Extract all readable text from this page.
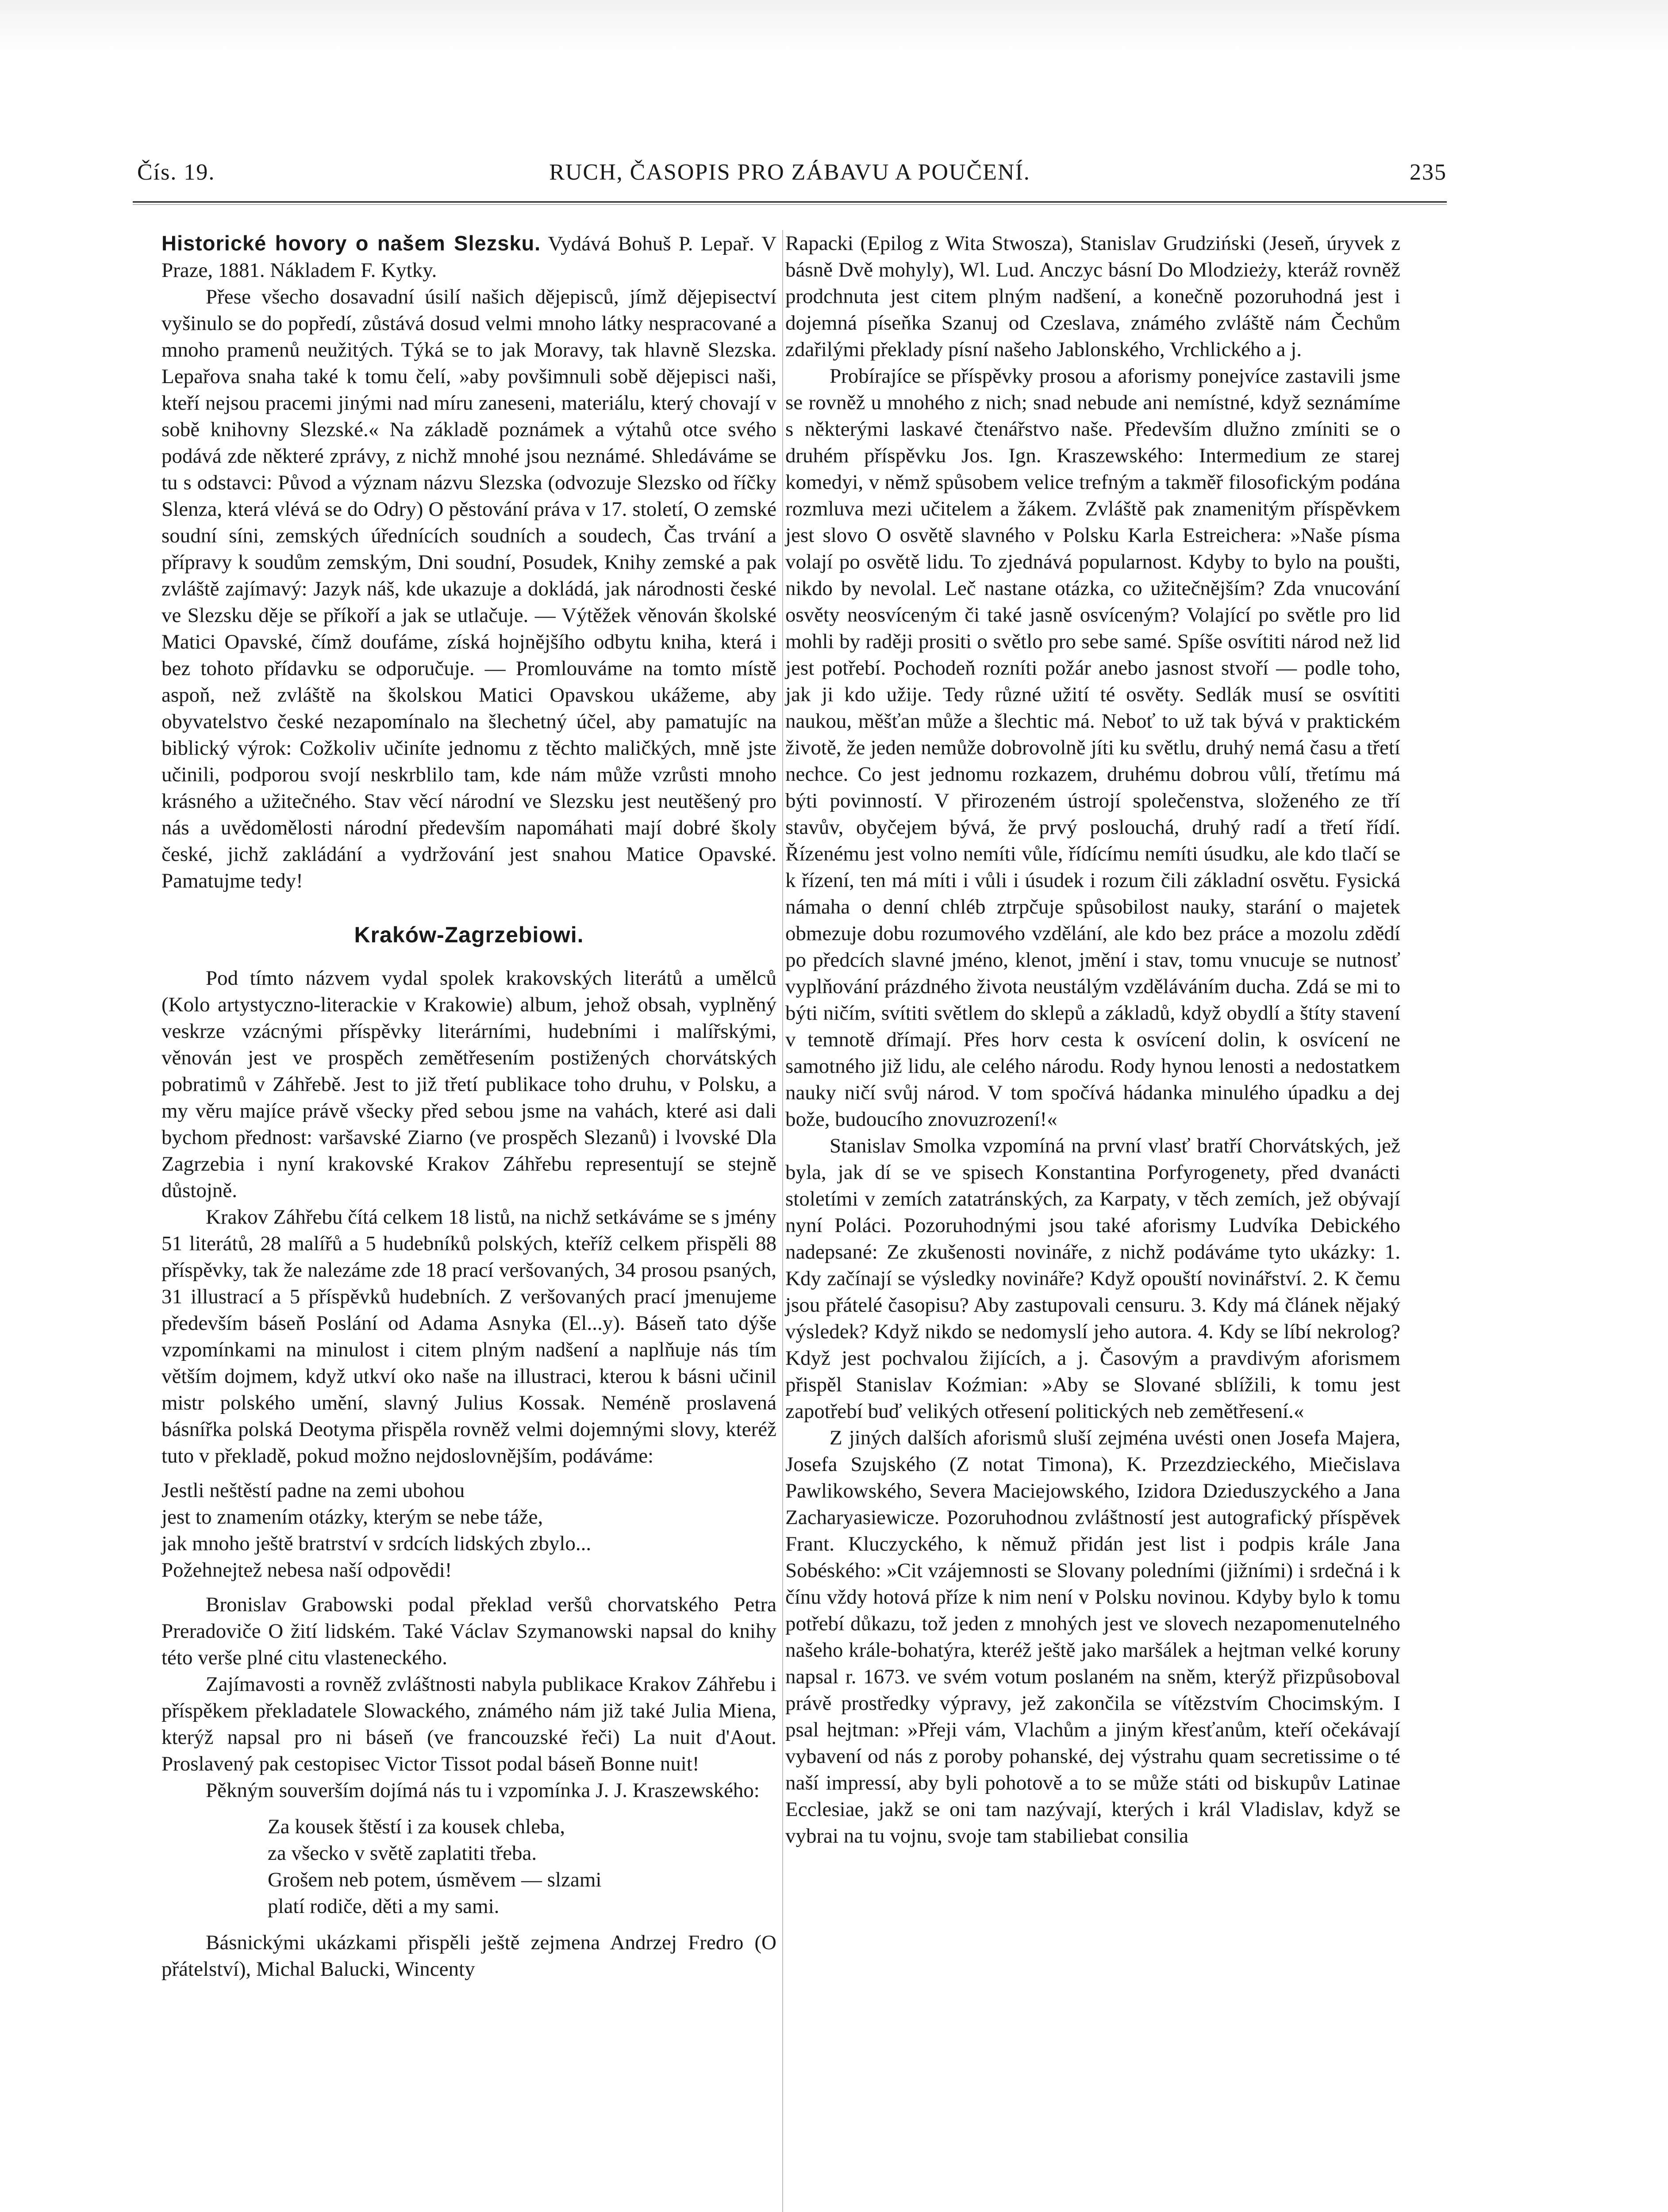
Čís. 19.	RUCH, ČASOPIS PRO ZÁBAVU A POUČENÍ.	235

Historické hovory o našem Slezsku. Vydává Bohuš P. Lepař. V Praze, 1881. Nákladem F. Kytky.

Přese všecho dosavadní úsilí našich dějepisců, jímž dějepisectví vyšinulo se do popředí, zůstává dosud velmi mnoho látky nespracované a mnoho pramenů neužitých. Týká se to jak Moravy, tak hlavně Slezska. Lepařova snaha také k tomu čelí, »aby povšimnuli sobě dějepisci naši, kteří nejsou pracemi jinými nad míru zaneseni, materiálu, který chovají v sobě knihovny Slezské.« Na základě poznámek a výtahů otce svého podává zde některé zprávy, z nichž mnohé jsou neznámé. Shledáváme se tu s odstavci: Původ a význam názvu Slezska (odvozuje Slezsko od říčky Slenza, která vlévá se do Odry) O pěstování práva v 17. století, O zemské soudní síni, zemských úřednících soudních a soudech, Čas trvání a přípravy k soudům zemským, Dni soudní, Posudek, Knihy zemské a pak zvláště zajímavý: Jazyk náš, kde ukazuje a dokládá, jak národnosti české ve Slezsku děje se příkoří a jak se utlačuje. — Výtěžek věnován školské Matici Opavské, čímž doufáme, získá hojnějšího odbytu kniha, která i bez tohoto přídavku se odporučuje. — Promlouváme na tomto místě aspoň, než zvláště na školskou Matici Opavskou ukážeme, aby obyvatelstvo české nezapomínalo na šlechetný účel, aby pamatujíc na biblický výrok: Cožkoliv učiníte jednomu z těchto maličkých, mně jste učinili, podporou svojí neskrblilo tam, kde nám může vzrůsti mnoho krásného a užitečného. Stav věcí národní ve Slezsku jest neutěšený pro nás a uvědomělosti národní především napomáhati mají dobré školy české, jichž zakládání a vydržování jest snahou Matice Opavské. Pamatujme tedy!

Kraków-Zagrzebiowi.

Pod tímto názvem vydal spolek krakovských literátů a umělců (Kolo artystyczno-literackie v Krakowie) album, jehož obsah, vyplněný veskrze vzácnými příspěvky literárními, hudebními i malířskými, věnován jest ve prospěch zemětřesením postižených chorvátských pobratimů v Záhřebě. Jest to již třetí publikace toho druhu, v Polsku, a my věru majíce právě všecky před sebou jsme na vahách, které asi dali bychom přednost: varšavské Ziarno (ve prospěch Slezanů) i lvovské Dla Zagrzebia i nyní krakovské Krakov Záhřebu representují se stejně důstojně.

Krakov Záhřebu čítá celkem 18 listů, na nichž setkáváme se s jmény 51 literátů, 28 malířů a 5 hudebníků polských, kteříž celkem přispěli 88 příspěvky, tak že nalezáme zde 18 prací veršovaných, 34 prosou psaných, 31 illustrací a 5 příspěvků hudebních. Z veršovaných prací jmenujeme především báseň Poslání od Adama Asnyka (El...y). Báseň tato dýše vzpomínkami na minulost i citem plným nadšení a naplňuje nás tím větším dojmem, když utkví oko naše na illustraci, kterou k básni učinil mistr polského umění, slavný Julius Kossak. Neméně proslavená básnířka polská Deotyma přispěla rovněž velmi dojemnými slovy, kteréž tuto v překladě, pokud možno nejdoslovnějším, podáváme:

Jestli neštěstí padne na zemi ubohou
jest to znamením otázky, kterým se nebe táže,
jak mnoho ještě bratrství v srdcích lidských zbylo...
Požehnejtež nebesa naší odpovědi!

Bronislav Grabowski podal překlad veršů chorvatského Petra Preradoviče O žití lidském. Také Václav Szymanowski napsal do knihy této verše plné citu vlasteneckého.

Zajímavosti a rovněž zvláštnosti nabyla publikace Krakov Záhřebu i příspěkem překladatele Slowackého, známého nám již také Julia Miena, kterýž napsal pro ni báseň (ve francouzské řeči) La nuit d'Aout. Proslavený pak cestopisec Victor Tissot podal báseň Bonne nuit!

Pěkným souverším dojímá nás tu i vzpomínka J. J. Kraszewského:

Za kousek štěstí i za kousek chleba,
za všecko v světě zaplatiti třeba.
Grošem neb potem, úsměvem — slzami
platí rodiče, děti a my sami.

Básnickými ukázkami přispěli ještě zejmena Andrzej Fredro (O přátelství), Michal Balucki, Wincenty

Rapacki (Epilog z Wita Stwosza), Stanislav Grudziński (Jeseň, úryvek z básně Dvě mohyly), Wl. Lud. Anczyc básní Do Mlodzieży, kteráž rovněž prodchnuta jest citem plným nadšení, a konečně pozoruhodná jest i dojemná píseňka Szanuj od Czeslava, známého zvláště nám Čechům zdařilými překlady písní našeho Jablonského, Vrchlického a j.

Probírajíce se příspěvky prosou a aforismy ponejvíce zastavili jsme se rovněž u mnohého z nich; snad nebude ani nemístné, když seznámíme s některými laskavé čtenářstvo naše. Především dlužno zmíniti se o druhém příspěvku Jos. Ign. Kraszewského: Intermedium ze starej komedyi, v němž spůsobem velice trefným a takměř filosofickým podána rozmluva mezi učitelem a žákem. Zvláště pak znamenitým příspěvkem jest slovo O osvětě slavného v Polsku Karla Estreichera: »Naše písma volají po osvětě lidu. To zjednává popularnost. Kdyby to bylo na poušti, nikdo by nevolal. Leč nastane otázka, co užitečnějším? Zda vnucování osvěty neosvíceným či také jasně osvíceným? Volající po světle pro lid mohli by raději prositi o světlo pro sebe samé. Spíše osvítiti národ než lid jest potřebí. Pochodeň rozníti požár anebo jasnost stvoří — podle toho, jak ji kdo užije. Tedy různé užití té osvěty. Sedlák musí se osvítiti naukou, měšťan může a šlechtic má. Neboť to už tak bývá v praktickém životě, že jeden nemůže dobrovolně jíti ku světlu, druhý nemá času a třetí nechce. Co jest jednomu rozkazem, druhému dobrou vůlí, třetímu má býti povinností. V přirozeném ústrojí společenstva, složeného ze tří stavův, obyčejem bývá, že prvý poslouchá, druhý radí a třetí řídí. Řízenému jest volno nemíti vůle, řídícímu nemíti úsudku, ale kdo tlačí se k řízení, ten má míti i vůli i úsudek i rozum čili základní osvětu. Fysická námaha o denní chléb ztrpčuje spůsobilost nauky, starání o majetek obmezuje dobu rozumového vzdělání, ale kdo bez práce a mozolu zdědí po předcích slavné jméno, klenot, jmění i stav, tomu vnucuje se nutnosť vyplňování prázdného života neustálým vzděláváním ducha. Zdá se mi to býti ničím, svítiti světlem do sklepů a základů, když obydlí a štíty stavení v temnotě dřímají. Přes horv cesta k osvícení dolin, k osvícení ne samotného již lidu, ale celého národu. Rody hynou lenosti a nedostatkem nauky ničí svůj národ. V tom spočívá hádanka minulého úpadku a dej bože, budoucího znovuzrození!«

Stanislav Smolka vzpomíná na první vlasť bratří Chorvátských, jež byla, jak dí se ve spisech Konstantina Porfyrogenety, před dvanácti stoletími v zemích zatatránských, za Karpaty, v těch zemích, jež obývají nyní Poláci. Pozoruhodnými jsou také aforismy Ludvíka Debického nadepsané: Ze zkušenosti novináře, z nichž podáváme tyto ukázky: 1. Kdy začínají se výsledky novináře? Když opouští novinářství. 2. K čemu jsou přátelé časopisu? Aby zastupovali censuru. 3. Kdy má článek nějaký výsledek? Když nikdo se nedomyslí jeho autora. 4. Kdy se líbí nekrolog? Když jest pochvalou žijících, a j. Časovým a pravdivým aforismem přispěl Stanislav Koźmian: »Aby se Slované sblížili, k tomu jest zapotřebí buď velikých otřesení politických neb zemětřesení.«

Z jiných dalších aforismů sluší zejména uvésti onen Josefa Majera, Josefa Szujského (Z notat Timona), K. Przezdzieckého, Miečislava Pawlikowského, Severa Maciejowského, Izidora Dzieduszyckého a Jana Zacharyasiewicze. Pozoruhodnou zvláštností jest autografický příspěvek Frant. Kluczyckého, k němuž přidán jest list i podpis krále Jana Sobéského: »Cit vzájemnosti se Slovany poledními (jižními) i srdečná i k čínu vždy hotová příze k nim není v Polsku novinou. Kdyby bylo k tomu potřebí důkazu, tož jeden z mnohých jest ve slovech nezapomenutelného našeho krále-bohatýra, kteréž ještě jako maršálek a hejtman velké koruny napsal r. 1673. ve svém votum poslaném na sněm, kterýž přizpůsoboval právě prostředky výpravy, jež zakončila se vítězstvím Chocimským. I psal hejtman: »Přeji vám, Vlachům a jiným křesťanům, kteří očekávají vybavení od nás z poroby pohanské, dej výstrahu quam secretissime o té naší impressí, aby byli pohotově a to se může státi od biskupův Latinae Ecclesiae, jakž se oni tam nazývají, kterých i král Vladislav, když se vybrai na tu vojnu, svoje tam stabiliebat consilia
